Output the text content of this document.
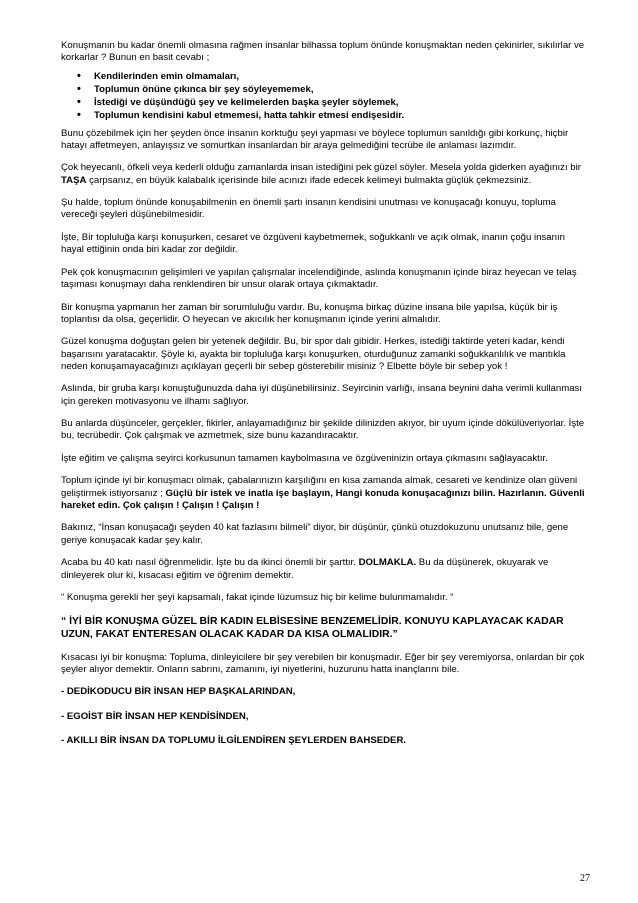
Konuşmanın bu kadar önemli olmasına rağmen insanlar bilhassa toplum önünde konuşmaktan neden çekinirler, sıkılırlar ve korkarlar ? Bunun en basit cevabı ;

• Kendilerinden emin olmamaları,
• Toplumun önüne çıkınca bir şey söyleyememek,
• İstediği ve düşündüğü şey ve kelimelerden başka şeyler söylemek,
• Toplumun kendisini kabul etmemesi, hatta tahkir etmesi endişesidir.

Bunu çözebilmek için her şeyden önce insanın korktuğu şeyi yapması ve böylece toplumun sanıldığı gibi korkunç, hiçbir hatayı affetmeyen, anlayışsız ve somurtkan insanlardan bir araya gelmediğini tecrübe ile anlaması lazımdır.

Çok heyecanlı, öfkeli veya kederli olduğu zamanlarda insan istediğini pek güzel söyler. Mesela yolda giderken ayağınızı bir TAŞA çarpsanız, en büyük kalabalık içerisinde bile acınızı ifade edecek kelimeyi bulmakta güçlük çekmezsiniz.

Şu halde, toplum önünde konuşabilmenin en önemli şartı insanın kendisini unutması ve konuşacağı konuyu, topluma vereceği şeyleri düşünebilmesidir.

İşte, Bir topluluğa karşı konuşurken, cesaret ve özgüveni kaybetmemek, soğukkanlı ve açık olmak, inanın çoğu insanın hayal ettiğinin onda biri kadar zor değildir.

Pek çok konuşmacının gelişimleri ve yapılan çalışmalar incelendiğinde, aslında konuşmanın içinde biraz heyecan ve telaş taşıması konuşmayı daha renklendiren bir unsur olarak ortaya çıkmaktadır.

Bir konuşma yapmanın her zaman bir sorumluluğu vardır. Bu, konuşma birkaç düzine insana bile yapılsa, küçük bir iş toplantısı da olsa, geçerlidir. O heyecan ve akıcılık her konuşmanın içinde yerini almalıdır.

Güzel konuşma doğuştan gelen bir yetenek değildir. Bu, bir spor dalı gibidir. Herkes, istediği taktirde yeteri kadar, kendi başarısını yaratacaktır. Şöyle ki, ayakta bir topluluğa karşı konuşurken, oturduğunuz zamanki soğukkanlılık ve mantıkla neden konuşamayacağınızı açıklayan geçerli bir sebep gösterebilir misiniz ? Elbette böyle bir sebep yok !

Aslında, bir gruba karşı konuştuğunuzda daha iyi düşünebilirsiniz. Seyircinin varlığı, insana beynini daha verimli kullanması için gereken motivasyonu ve ilhamı sağlıyor.

Bu anlarda düşünceler, gerçekler, fikirler, anlayamadığınız bir şekilde dilinizden akıyor, bir uyum içinde dökülüveriyorlar. İşte bu, tecrübedir. Çok çalışmak ve azmetmek, size bunu kazandıracaktır.

İşte eğitim ve çalışma seyirci korkusunun tamamen kaybolmasına ve özgüveninizin ortaya çıkmasını sağlayacaktır.

Toplum içinde iyi bir konuşmacı olmak, çabalarınızın karşılığını en kısa zamanda almak, cesareti ve kendinize olan güveni geliştirmek istiyorsanız ; Güçlü bir istek ve inatla işe başlayın, Hangi konuda konuşacağınızı bilin. Hazırlanın. Güvenli hareket edin. Çok çalışın ! Çalışın ! Çalışın !

Bakınız, “İnsan konuşacağı şeyden 40 kat fazlasını bilmeli” diyor, bir düşünür, çünkü otuzdokuzunu unutsanız bile, gene geriye konuşacak kadar şey kalır.

Acaba bu 40 katı nasıl öğrenmelidir. İşte bu da ikinci önemli bir şarttır. DOLMAKLA. Bu da düşünerek, okuyarak ve dinleyerek olur ki, kısacası eğitim ve öğrenim demektir.

“ Konuşma gerekli her şeyi kapsamalı, fakat içinde lüzumsuz hiç bir kelime bulunmamalıdır. “

“ İYİ BİR KONUŞMA GÜZEL BİR KADIN ELBİSESİNE BENZEMELİDİR. KONUYU KAPLAYACAK KADAR UZUN, FAKAT ENTERESAN OLACAK KADAR DA KISA OLMALIDIR.”

Kısacası iyi bir konuşma: Topluma, dinleyicilere bir şey verebilen bir konuşmadır. Eğer bir şey veremiyorsa, onlardan bir çok şeyler alıyor demektir. Onların sabrını, zamanını, iyi niyetlerini, huzurunu hatta inançlarını bile.

- DEDİKODUCU BİR İNSAN HEP BAŞKALARINDAN,

- EGOİST BİR İNSAN HEP KENDİSİNDEN,

- AKILLI BİR İNSAN DA TOPLUMU İLGİLENDİREN ŞEYLERDEN BAHSEDER.

27
